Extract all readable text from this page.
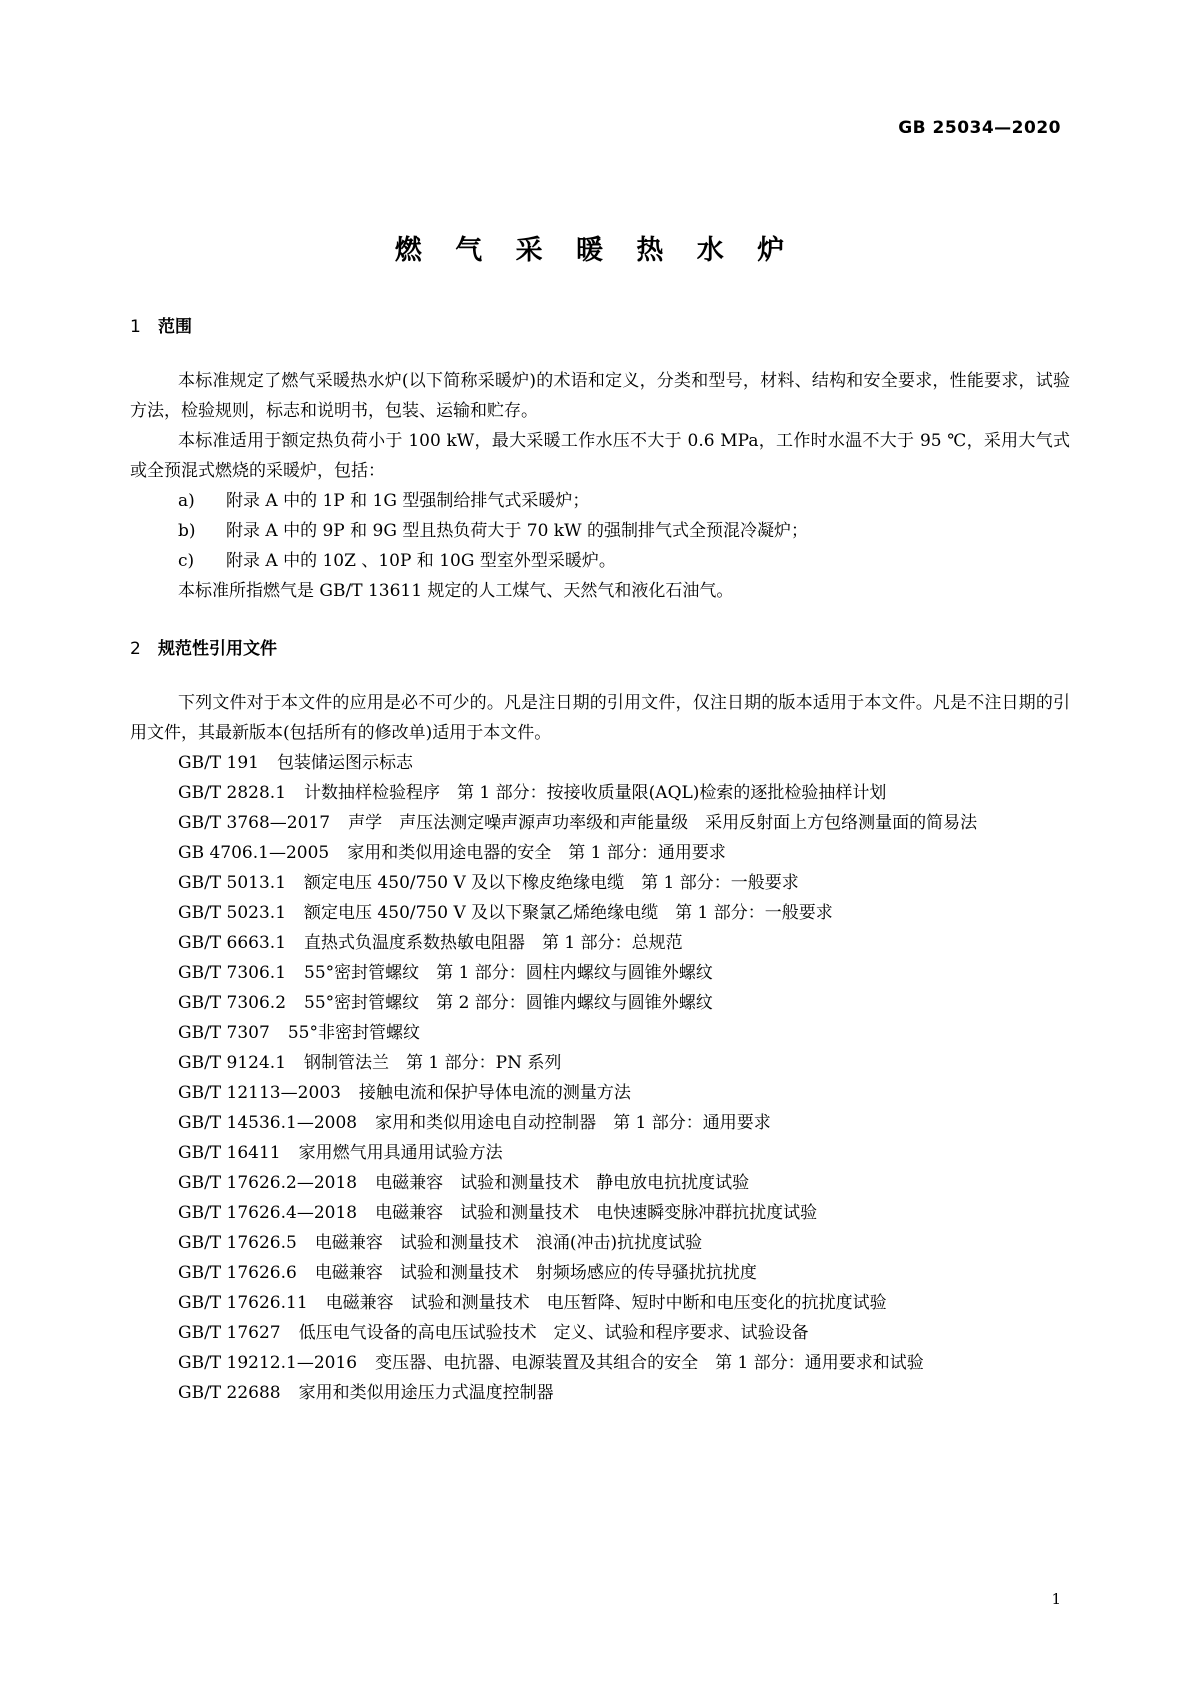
GB 25034—2020
燃 气 采 暖 热 水 炉
1 范围

本标准规定了燃气采暖热水炉(以下简称采暖炉)的术语和定义，分类和型号，材料、结构和安全要求，性能要求，试验方法，检验规则，标志和说明书，包装、运输和贮存。

本标准适用于额定热负荷小于 100 kW，最大采暖工作水压不大于 0.6 MPa，工作时水温不大于 95 ℃，采用大气式或全预混式燃烧的采暖炉，包括：

a) 附录 A 中的 1P 和 1G 型强制给排气式采暖炉；

b) 附录 A 中的 9P 和 9G 型且热负荷大于 70 kW 的强制排气式全预混冷凝炉；

c) 附录 A 中的 10Z 、10P 和 10G 型室外型采暖炉。

本标准所指燃气是 GB/T 13611 规定的人工煤气、天然气和液化石油气。

2 规范性引用文件

下列文件对于本文件的应用是必不可少的。凡是注日期的引用文件，仅注日期的版本适用于本文件。凡是不注日期的引用文件，其最新版本(包括所有的修改单)适用于本文件。

GB/T 191 包装储运图示标志

GB/T 2828.1 计数抽样检验程序　第 1 部分：按接收质量限(AQL)检索的逐批检验抽样计划

GB/T 3768—2017 声学　声压法测定噪声源声功率级和声能量级　采用反射面上方包络测量面的简易法

GB 4706.1—2005 家用和类似用途电器的安全　第 1 部分：通用要求

GB/T 5013.1 额定电压 450/750 V 及以下橡皮绝缘电缆　第 1 部分：一般要求

GB/T 5023.1 额定电压 450/750 V 及以下聚氯乙烯绝缘电缆　第 1 部分：一般要求

GB/T 6663.1 直热式负温度系数热敏电阻器　第 1 部分：总规范

GB/T 7306.1 55°密封管螺纹　第 1 部分：圆柱内螺纹与圆锥外螺纹

GB/T 7306.2 55°密封管螺纹　第 2 部分：圆锥内螺纹与圆锥外螺纹

GB/T 7307 55°非密封管螺纹

GB/T 9124.1 钢制管法兰　第 1 部分：PN 系列

GB/T 12113—2003 接触电流和保护导体电流的测量方法

GB/T 14536.1—2008 家用和类似用途电自动控制器　第 1 部分：通用要求

GB/T 16411 家用燃气用具通用试验方法

GB/T 17626.2—2018 电磁兼容　试验和测量技术　静电放电抗扰度试验

GB/T 17626.4—2018 电磁兼容　试验和测量技术　电快速瞬变脉冲群抗扰度试验

GB/T 17626.5 电磁兼容　试验和测量技术　浪涌(冲击)抗扰度试验

GB/T 17626.6 电磁兼容　试验和测量技术　射频场感应的传导骚扰抗扰度

GB/T 17626.11 电磁兼容　试验和测量技术　电压暂降、短时中断和电压变化的抗扰度试验

GB/T 17627 低压电气设备的高电压试验技术　定义、试验和程序要求、试验设备

GB/T 19212.1—2016 变压器、电抗器、电源装置及其组合的安全　第 1 部分：通用要求和试验

GB/T 22688 家用和类似用途压力式温度控制器

1
